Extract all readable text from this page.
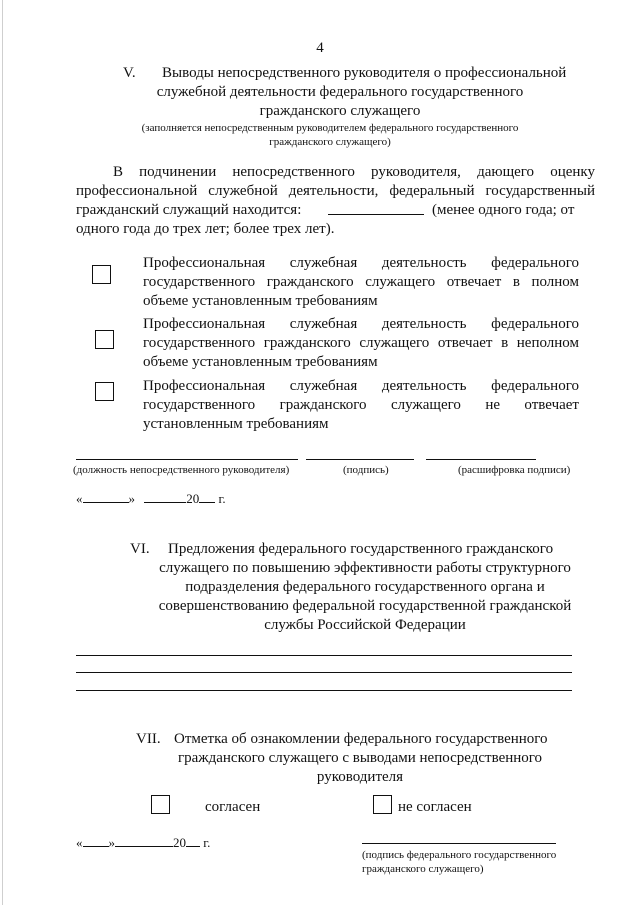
4
V. Выводы непосредственного руководителя о профессиональной
служебной деятельности федерального государственного
гражданского служащего
(заполняется непосредственным руководителем федерального государственного
гражданского служащего)
В подчинении непосредственного руководителя, дающего оценку
профессиональной служебной деятельности, федеральный государственный
гражданский служащий находится:	(менее одного года; от
одного года до трех лет; более трех лет).
Профессиональная служебная деятельность федерального
государственного гражданского служащего отвечает в полном
объеме установленным требованиям
Профессиональная служебная деятельность федерального
государственного гражданского служащего отвечает в неполном
объеме установленным требованиям
Профессиональная служебная деятельность федерального
государственного гражданского служащего не отвечает
установленным требованиям
(должность непосредственного руководителя)	(подпись)	(расшифровка подписи)
«	»	20 г.
VI. Предложения федерального государственного гражданского
служащего по повышению эффективности работы структурного
подразделения федерального государственного органа и
совершенствованию федеральной государственной гражданской
службы Российской Федерации
VII. Отметка об ознакомлении федерального государственного
гражданского служащего с выводами непосредственного
руководителя
согласен	не согласен
« »	20 г.
(подпись федерального государственного
гражданского служащего)
